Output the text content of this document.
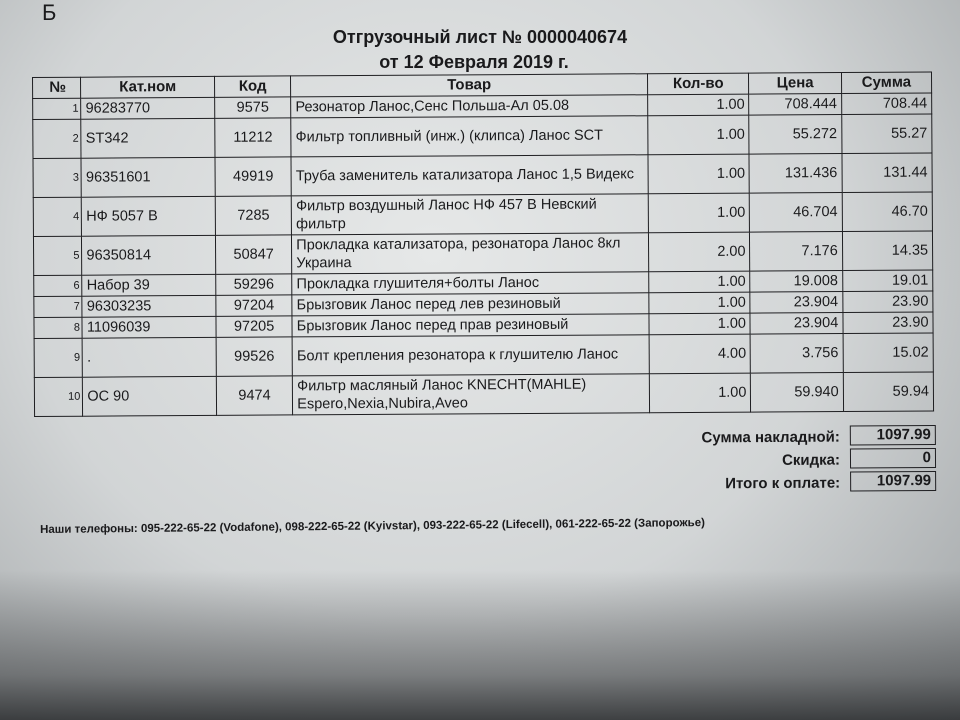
Б
Отгрузочный лист № 0000040674
от 12 Февраля 2019 г.
№	Кат.ном	Код	Товар	Кол-во	Цена	Сумма
1	96283770	9575	Резонатор Ланос,Сенс Польша-Ал 05.08	1.00	708.444	708.44
2	ST342	11212	Фильтр топливный (инж.) (клипса) Ланос SCT	1.00	55.272	55.27
3	96351601	49919	Труба заменитель катализатора Ланос 1,5 Видекс	1.00	131.436	131.44
4	НФ 5057 В	7285	Фильтр воздушный Ланос НФ 457 В Невский фильтр	1.00	46.704	46.70
5	96350814	50847	Прокладка катализатора, резонатора Ланос 8кл Украина	2.00	7.176	14.35
6	Набор 39	59296	Прокладка глушителя+болты Ланос	1.00	19.008	19.01
7	96303235	97204	Брызговик Ланос перед лев резиновый	1.00	23.904	23.90
8	11096039	97205	Брызговик Ланос перед прав резиновый	1.00	23.904	23.90
9	.	99526	Болт крепления резонатора к глушителю Ланос	4.00	3.756	15.02
10	OC 90	9474	Фильтр масляный Ланос KNECHT(MAHLE) Espero,Nexia,Nubira,Aveo	1.00	59.940	59.94
Сумма накладной:	1097.99
Скидка:	0
Итого к оплате:	1097.99
Наши телефоны: 095-222-65-22 (Vodafone), 098-222-65-22 (Kyivstar), 093-222-65-22 (Lifecell), 061-222-65-22 (Запорожье)
